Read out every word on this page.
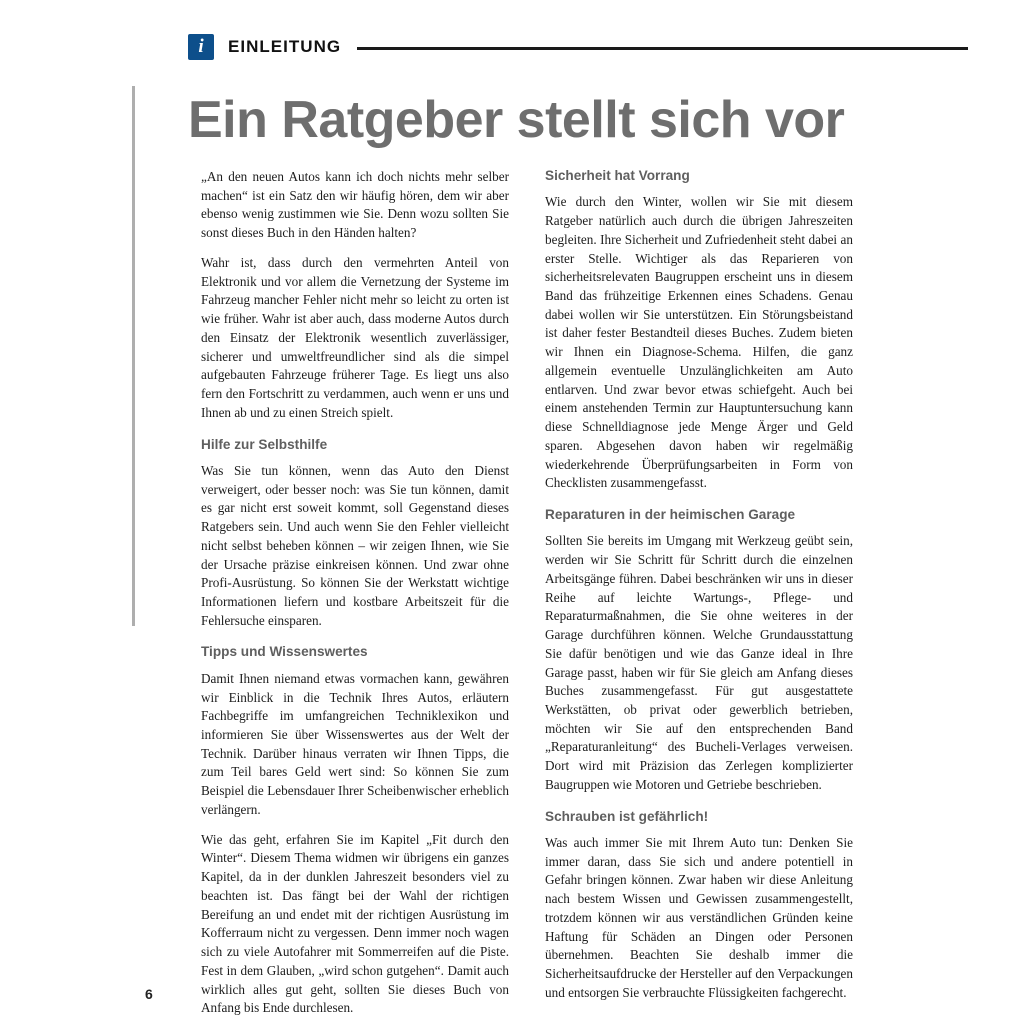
i EINLEITUNG
Ein Ratgeber stellt sich vor

„An den neuen Autos kann ich doch nichts mehr selber machen“ ist ein Satz den wir häufig hören, dem wir aber ebenso wenig zustimmen wie Sie. Denn wozu sollten Sie sonst dieses Buch in den Händen halten?

Wahr ist, dass durch den vermehrten Anteil von Elektronik und vor allem die Vernetzung der Systeme im Fahrzeug mancher Fehler nicht mehr so leicht zu orten ist wie früher. Wahr ist aber auch, dass moderne Autos durch den Einsatz der Elektronik wesentlich zuverlässiger, sicherer und umweltfreundlicher sind als die simpel aufgebauten Fahrzeuge früherer Tage. Es liegt uns also fern den Fortschritt zu verdammen, auch wenn er uns und Ihnen ab und zu einen Streich spielt.

Hilfe zur Selbsthilfe

Was Sie tun können, wenn das Auto den Dienst verweigert, oder besser noch: was Sie tun können, damit es gar nicht erst soweit kommt, soll Gegenstand dieses Ratgebers sein. Und auch wenn Sie den Fehler vielleicht nicht selbst beheben können – wir zeigen Ihnen, wie Sie der Ursache präzise einkreisen können. Und zwar ohne Profi-Ausrüstung. So können Sie der Werkstatt wichtige Informationen liefern und kostbare Arbeitszeit für die Fehlersuche einsparen.

Tipps und Wissenswertes

Damit Ihnen niemand etwas vormachen kann, gewähren wir Einblick in die Technik Ihres Autos, erläutern Fachbegriffe im umfangreichen Techniklexikon und informieren Sie über Wissenswertes aus der Welt der Technik. Darüber hinaus verraten wir Ihnen Tipps, die zum Teil bares Geld wert sind: So können Sie zum Beispiel die Lebensdauer Ihrer Scheibenwischer erheblich verlängern.

Wie das geht, erfahren Sie im Kapitel „Fit durch den Winter“. Diesem Thema widmen wir übrigens ein ganzes Kapitel, da in der dunklen Jahreszeit besonders viel zu beachten ist. Das fängt bei der Wahl der richtigen Bereifung an und endet mit der richtigen Ausrüstung im Kofferraum nicht zu vergessen. Denn immer noch wagen sich zu viele Autofahrer mit Sommerreifen auf die Piste. Fest in dem Glauben, „wird schon gutgehen“. Damit auch wirklich alles gut geht, sollten Sie dieses Buch von Anfang bis Ende durchlesen.

Sicherheit hat Vorrang

Wie durch den Winter, wollen wir Sie mit diesem Ratgeber natürlich auch durch die übrigen Jahreszeiten begleiten. Ihre Sicherheit und Zufriedenheit steht dabei an erster Stelle. Wichtiger als das Reparieren von sicherheitsrelevaten Baugruppen erscheint uns in diesem Band das frühzeitige Erkennen eines Schadens. Genau dabei wollen wir Sie unterstützen. Ein Störungsbeistand ist daher fester Bestandteil dieses Buches. Zudem bieten wir Ihnen ein Diagnose-Schema. Hilfen, die ganz allgemein eventuelle Unzulänglichkeiten am Auto entlarven. Und zwar bevor etwas schiefgeht. Auch bei einem anstehenden Termin zur Hauptuntersuchung kann diese Schnelldiagnose jede Menge Ärger und Geld sparen. Abgesehen davon haben wir regelmäßig wiederkehrende Überprüfungsarbeiten in Form von Checklisten zusammengefasst.

Reparaturen in der heimischen Garage

Sollten Sie bereits im Umgang mit Werkzeug geübt sein, werden wir Sie Schritt für Schritt durch die einzelnen Arbeitsgänge führen. Dabei beschränken wir uns in dieser Reihe auf leichte Wartungs-, Pflege- und Reparaturmaßnahmen, die Sie ohne weiteres in der Garage durchführen können. Welche Grundausstattung Sie dafür benötigen und wie das Ganze ideal in Ihre Garage passt, haben wir für Sie gleich am Anfang dieses Buches zusammengefasst. Für gut ausgestattete Werkstätten, ob privat oder gewerblich betrieben, möchten wir Sie auf den entsprechenden Band „Reparaturanleitung“ des Bucheli-Verlages verweisen. Dort wird mit Präzision das Zerlegen komplizierter Baugruppen wie Motoren und Getriebe beschrieben.

Schrauben ist gefährlich!

Was auch immer Sie mit Ihrem Auto tun: Denken Sie immer daran, dass Sie sich und andere potentiell in Gefahr bringen können. Zwar haben wir diese Anleitung nach bestem Wissen und Gewissen zusammengestellt, trotzdem können wir aus verständlichen Gründen keine Haftung für Schäden an Dingen oder Personen übernehmen. Beachten Sie deshalb immer die Sicherheitsaufdrucke der Hersteller auf den Verpackungen und entsorgen Sie verbrauchte Flüssigkeiten fachgerecht.

6
